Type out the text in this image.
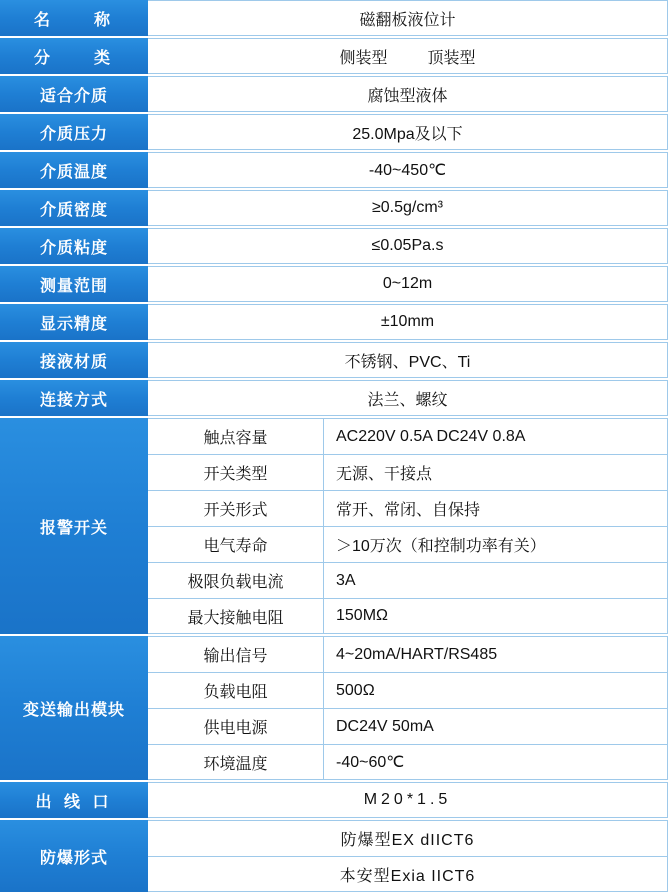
名　　称	磁翻板液位计
分　　类	侧装型	顶装型
适合介质	腐蚀型液体
介质压力	25.0Mpa及以下
介质温度	-40~450℃
介质密度	≥0.5g/cm³
介质粘度	≤0.05Pa.s
测量范围	0~12m
显示精度	±10mm
接液材质	不锈钢、PVC、Ti
连接方式	法兰、螺纹
报警开关
触点容量	AC220V 0.5A DC24V 0.8A
开关类型	无源、干接点
开关形式	常开、常闭、自保持
电气寿命	＞10万次（和控制功率有关）
极限负载电流	3A
最大接触电阻	150MΩ
变送输出模块
输出信号	4~20mA/HART/RS485
负载电阻	500Ω
供电电源	DC24V 50mA
环境温度	-40~60℃
出 线 口	M20*1.5
防爆形式
防爆型EX dIICT6
本安型Exia IICT6
